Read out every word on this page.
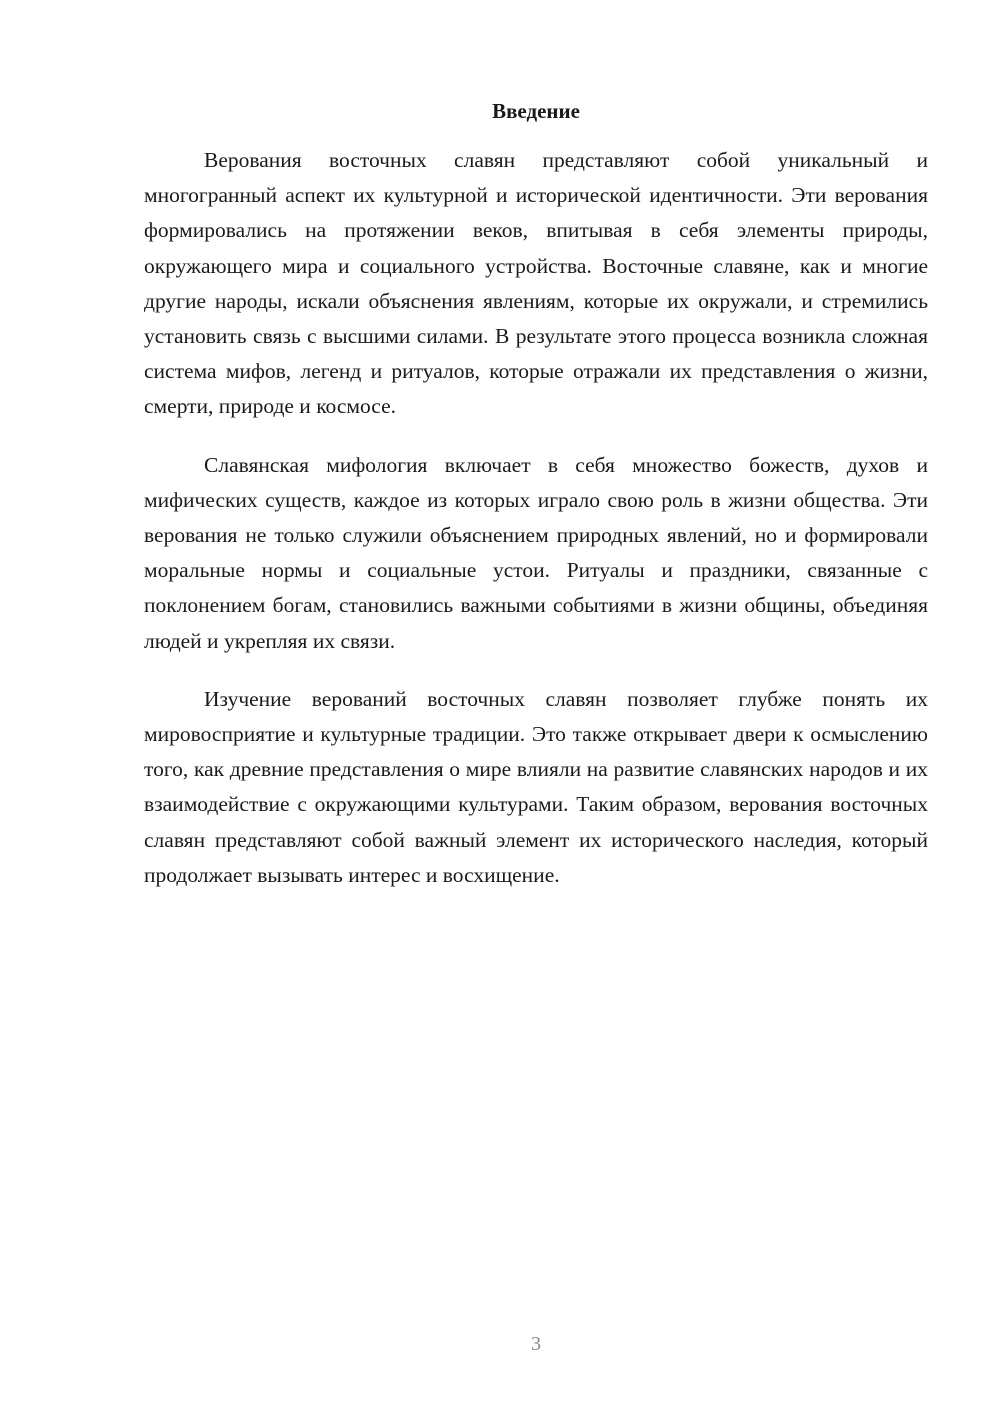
Введение

Верования восточных славян представляют собой уникальный и многогранный аспект их культурной и исторической идентичности. Эти верования формировались на протяжении веков, впитывая в себя элементы природы, окружающего мира и социального устройства. Восточные славяне, как и многие другие народы, искали объяснения явлениям, которые их окружали, и стремились установить связь с высшими силами. В результате этого процесса возникла сложная система мифов, легенд и ритуалов, которые отражали их представления о жизни, смерти, природе и космосе.

Славянская мифология включает в себя множество божеств, духов и мифических существ, каждое из которых играло свою роль в жизни общества. Эти верования не только служили объяснением природных явлений, но и формировали моральные нормы и социальные устои. Ритуалы и праздники, связанные с поклонением богам, становились важными событиями в жизни общины, объединяя людей и укрепляя их связи.

Изучение верований восточных славян позволяет глубже понять их мировосприятие и культурные традиции. Это также открывает двери к осмыслению того, как древние представления о мире влияли на развитие славянских народов и их взаимодействие с окружающими культурами. Таким образом, верования восточных славян представляют собой важный элемент их исторического наследия, который продолжает вызывать интерес и восхищение.

3
